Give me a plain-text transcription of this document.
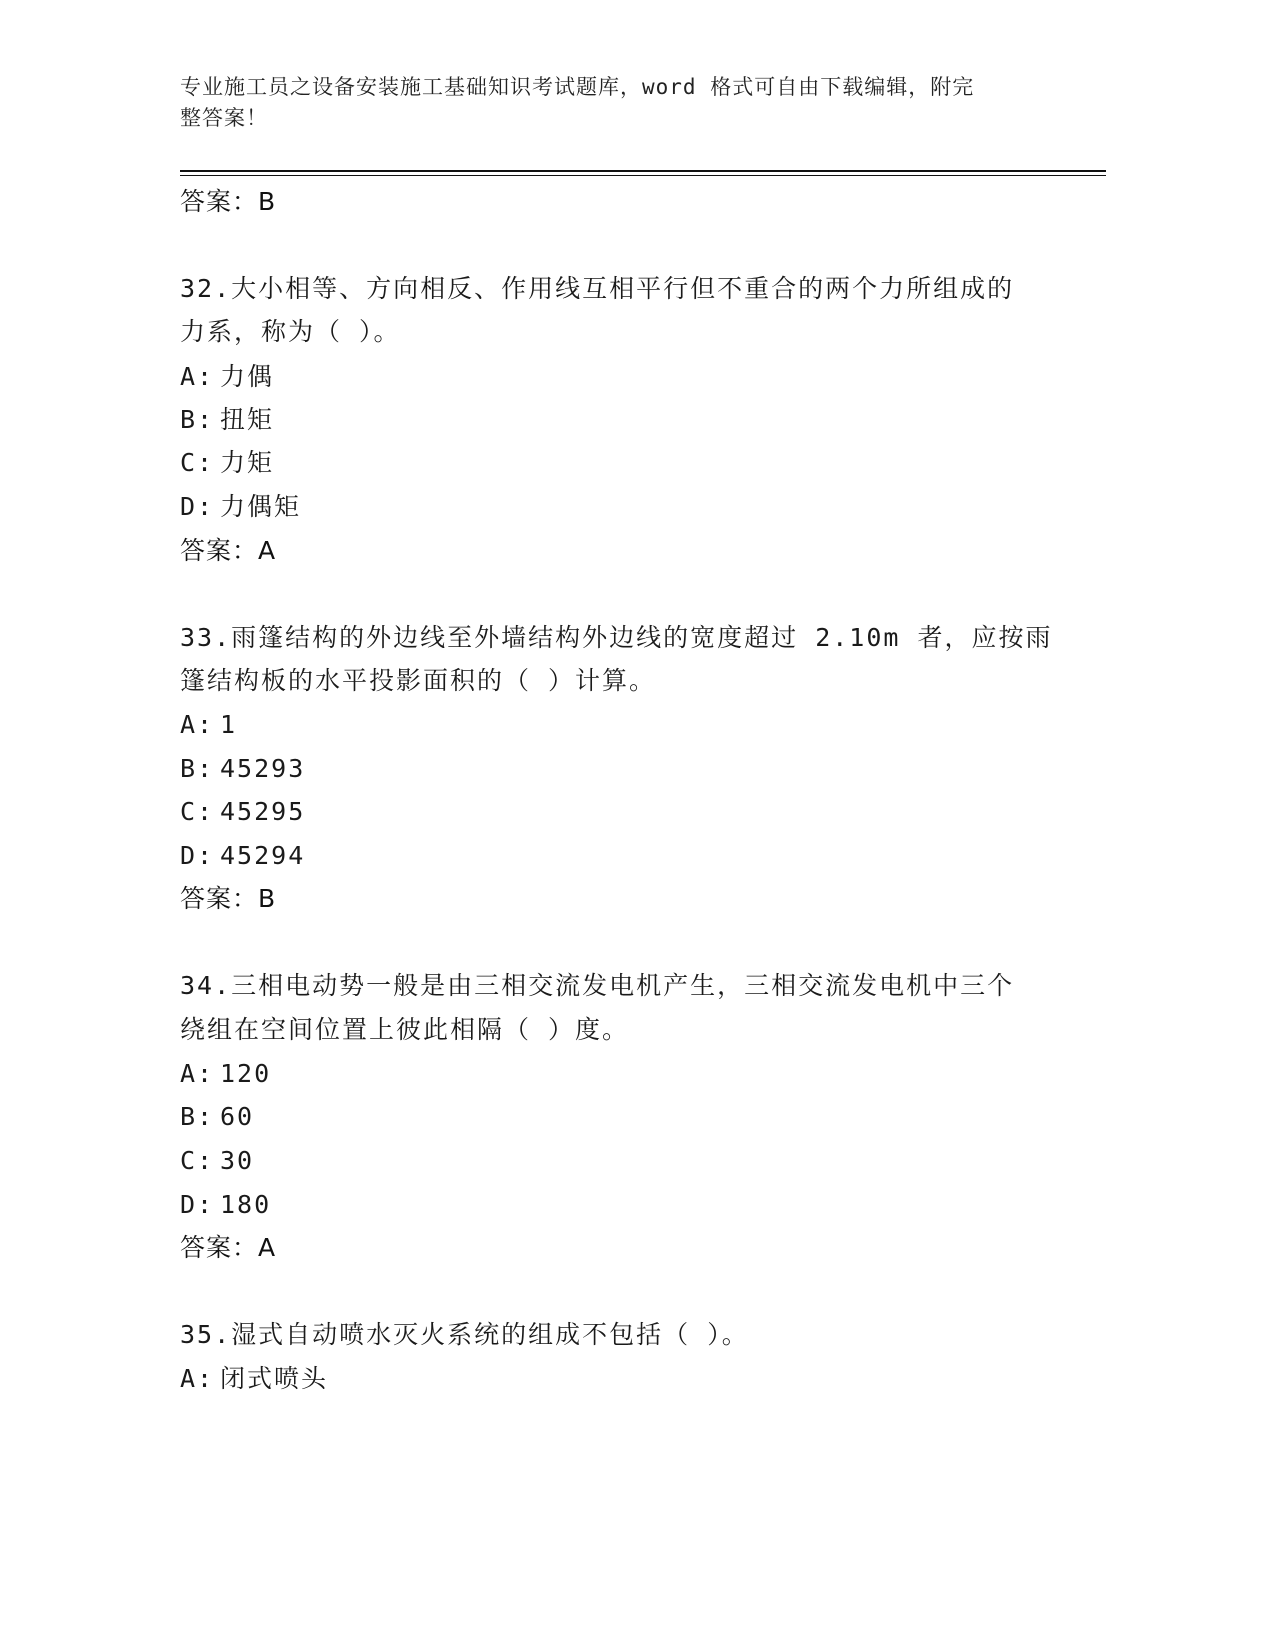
专业施工员之设备安装施工基础知识考试题库，word 格式可自由下载编辑，附完
整答案！
答案：B
32.大小相等、方向相反、作用线互相平行但不重合的两个力所组成的
力系，称为（ ）。
A: 力偶
B: 扭矩
C: 力矩
D: 力偶矩
答案：A
33.雨篷结构的外边线至外墙结构外边线的宽度超过 2.10m 者，应按雨
篷结构板的水平投影面积的（ ）计算。
A: 1
B: 45293
C: 45295
D: 45294
答案：B
34.三相电动势一般是由三相交流发电机产生，三相交流发电机中三个
绕组在空间位置上彼此相隔（ ）度。
A: 120
B: 60
C: 30
D: 180
答案：A
35.湿式自动喷水灭火系统的组成不包括（ ）。
A: 闭式喷头
